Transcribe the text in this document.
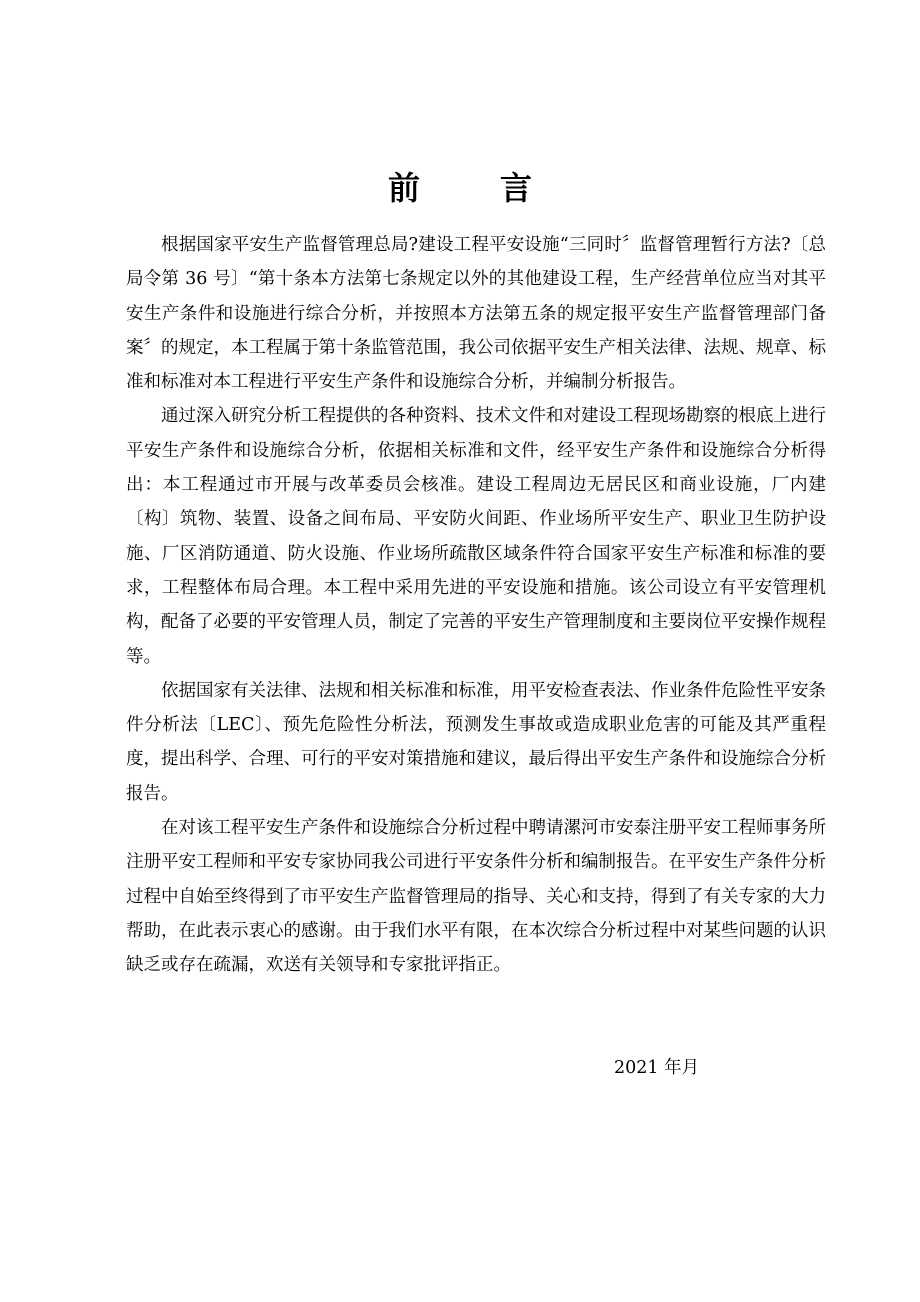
前言

根据国家平安生产监督管理总局?建设工程平安设施“三同时〞监督管理暂行方法?〔总局令第 36 号〕“第十条本方法第七条规定以外的其他建设工程，生产经营单位应当对其平安生产条件和设施进行综合分析，并按照本方法第五条的规定报平安生产监督管理部门备案〞的规定，本工程属于第十条监管范围，我公司依据平安生产相关法律、法规、规章、标准和标准对本工程进行平安生产条件和设施综合分析，并编制分析报告。

通过深入研究分析工程提供的各种资料、技术文件和对建设工程现场勘察的根底上进行平安生产条件和设施综合分析，依据相关标准和文件，经平安生产条件和设施综合分析得出：本工程通过市开展与改革委员会核准。建设工程周边无居民区和商业设施，厂内建〔构〕筑物、装置、设备之间布局、平安防火间距、作业场所平安生产、职业卫生防护设施、厂区消防通道、防火设施、作业场所疏散区域条件符合国家平安生产标准和标准的要求，工程整体布局合理。本工程中采用先进的平安设施和措施。该公司设立有平安管理机构，配备了必要的平安管理人员，制定了完善的平安生产管理制度和主要岗位平安操作规程等。

依据国家有关法律、法规和相关标准和标准，用平安检查表法、作业条件危险性平安条件分析法〔LEC〕、预先危险性分析法，预测发生事故或造成职业危害的可能及其严重程度，提出科学、合理、可行的平安对策措施和建议，最后得出平安生产条件和设施综合分析报告。

在对该工程平安生产条件和设施综合分析过程中聘请漯河市安泰注册平安工程师事务所注册平安工程师和平安专家协同我公司进行平安条件分析和编制报告。在平安生产条件分析过程中自始至终得到了市平安生产监督管理局的指导、关心和支持，得到了有关专家的大力帮助，在此表示衷心的感谢。由于我们水平有限，在本次综合分析过程中对某些问题的认识缺乏或存在疏漏，欢送有关领导和专家批评指正。

2021 年月
